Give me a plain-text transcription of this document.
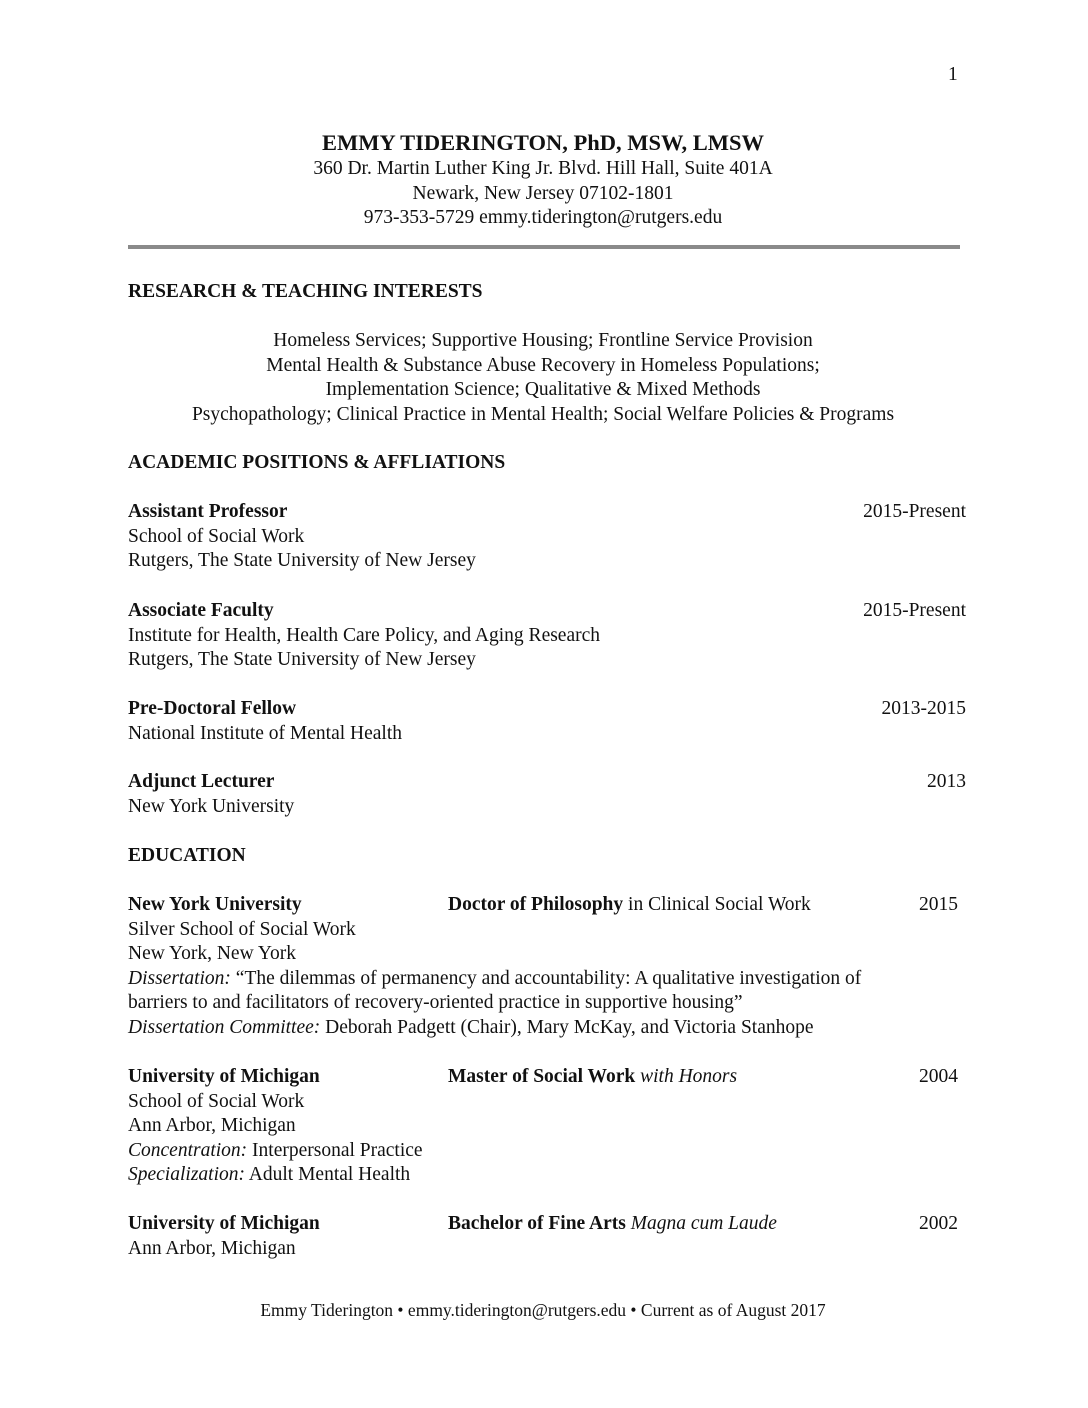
1
EMMY TIDERINGTON, PhD, MSW, LMSW
360 Dr. Martin Luther King Jr. Blvd. Hill Hall, Suite 401A
Newark, New Jersey 07102-1801
973-353-5729 emmy.tiderington@rutgers.edu
RESEARCH & TEACHING INTERESTS
Homeless Services; Supportive Housing; Frontline Service Provision
Mental Health & Substance Abuse Recovery in Homeless Populations;
Implementation Science; Qualitative & Mixed Methods
Psychopathology; Clinical Practice in Mental Health; Social Welfare Policies & Programs
ACADEMIC POSITIONS & AFFLIATIONS
Assistant Professor	2015-Present
School of Social Work
Rutgers, The State University of New Jersey
Associate Faculty	2015-Present
Institute for Health, Health Care Policy, and Aging Research
Rutgers, The State University of New Jersey
Pre-Doctoral Fellow	2013-2015
National Institute of Mental Health
Adjunct Lecturer	2013
New York University
EDUCATION
New York University	Doctor of Philosophy in Clinical Social Work	2015
Silver School of Social Work
New York, New York
Dissertation: “The dilemmas of permanency and accountability: A qualitative investigation of
barriers to and facilitators of recovery-oriented practice in supportive housing”
Dissertation Committee: Deborah Padgett (Chair), Mary McKay, and Victoria Stanhope
University of Michigan	Master of Social Work with Honors	2004
School of Social Work
Ann Arbor, Michigan
Concentration: Interpersonal Practice
Specialization: Adult Mental Health
University of Michigan	Bachelor of Fine Arts Magna cum Laude	2002
Ann Arbor, Michigan
Emmy Tiderington • emmy.tiderington@rutgers.edu • Current as of August 2017
